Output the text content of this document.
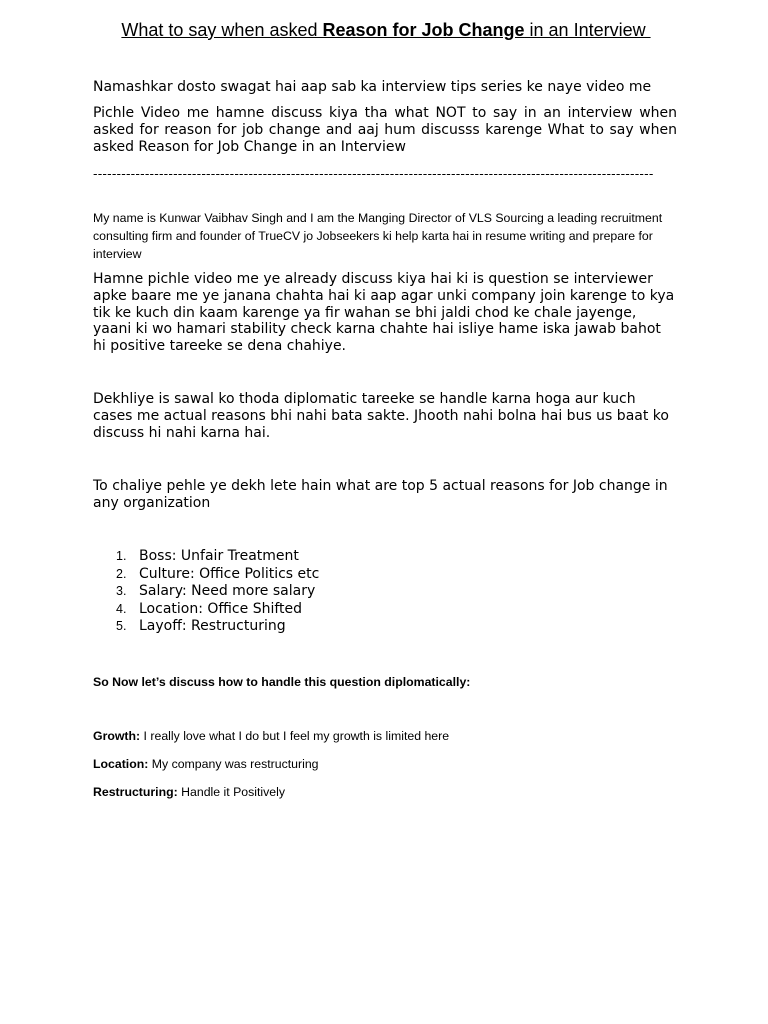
What to say when asked Reason for Job Change in an Interview

Namashkar dosto swagat hai aap sab ka interview tips series ke naye video me

Pichle Video me hamne discuss kiya tha what NOT to say in an interview when asked for reason for job change and aaj hum discusss karenge What to say when asked Reason for Job Change in an Interview

-----------------------------------------------------------------------------------------------------------------------

My name is Kunwar Vaibhav Singh and I am the Manging Director of VLS Sourcing a leading recruitment consulting firm and founder of TrueCV jo Jobseekers ki help karta hai in resume writing and prepare for interview

Hamne pichle video me ye already discuss kiya hai ki is question se interviewer apke baare me ye janana chahta hai ki aap agar unki company join karenge to kya tik ke kuch din kaam karenge ya fir wahan se bhi jaldi chod ke chale jayenge, yaani ki wo hamari stability check karna chahte hai isliye hame iska jawab bahot hi positive tareeke se dena chahiye.

Dekhliye is sawal ko thoda diplomatic tareeke se handle karna hoga aur kuch cases me actual reasons bhi nahi bata sakte. Jhooth nahi bolna hai bus us baat ko discuss hi nahi karna hai.

To chaliye pehle ye dekh lete hain what are top 5 actual reasons for Job change in any organization

1. Boss: Unfair Treatment
2. Culture: Office Politics etc
3. Salary: Need more salary
4. Location: Office Shifted
5. Layoff: Restructuring

So Now let’s discuss how to handle this question diplomatically:

Growth: I really love what I do but I feel my growth is limited here

Location: My company was restructuring

Restructuring: Handle it Positively
